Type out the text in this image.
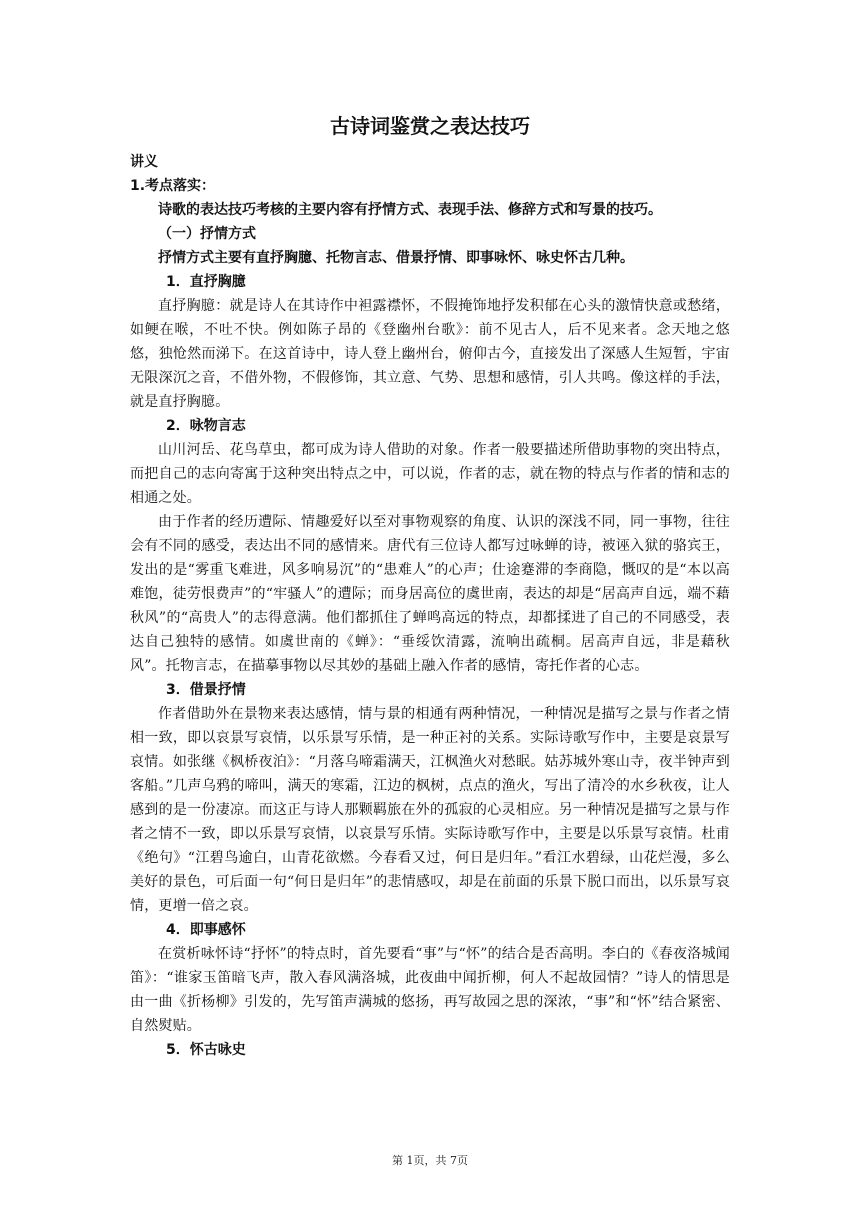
古诗词鉴赏之表达技巧

讲义

1.考点落实：

诗歌的表达技巧考核的主要内容有抒情方式、表现手法、修辞方式和写景的技巧。

（一）抒情方式

抒情方式主要有直抒胸臆、托物言志、借景抒情、即事咏怀、咏史怀古几种。

1．直抒胸臆

直抒胸臆：就是诗人在其诗作中袒露襟怀，不假掩饰地抒发积郁在心头的激情快意或愁绪，如鲠在喉，不吐不快。例如陈子昂的《登幽州台歌》：前不见古人，后不见来者。念天地之悠悠，独怆然而涕下。在这首诗中，诗人登上幽州台，俯仰古今，直接发出了深感人生短暂，宇宙无限深沉之音，不借外物，不假修饰，其立意、气势、思想和感情，引人共鸣。像这样的手法，就是直抒胸臆。

2．咏物言志

山川河岳、花鸟草虫，都可成为诗人借助的对象。作者一般要描述所借助事物的突出特点，而把自己的志向寄寓于这种突出特点之中，可以说，作者的志，就在物的特点与作者的情和志的相通之处。

由于作者的经历遭际、情趣爱好以至对事物观察的角度、认识的深浅不同，同一事物，往往会有不同的感受，表达出不同的感情来。唐代有三位诗人都写过咏蝉的诗，被诬入狱的骆宾王，发出的是“雾重飞难进，风多响易沉”的“患难人”的心声；仕途蹇滞的李商隐，慨叹的是“本以高难饱，徒劳恨费声”的“牢骚人”的遭际；而身居高位的虞世南，表达的却是“居高声自远，端不藉秋风”的“高贵人”的志得意满。他们都抓住了蝉鸣高远的特点，却都揉进了自己的不同感受，表达自己独特的感情。如虞世南的《蝉》：“垂绥饮清露，流响出疏桐。居高声自远，非是藉秋风”。托物言志，在描摹事物以尽其妙的基础上融入作者的感情，寄托作者的心志。

3．借景抒情

作者借助外在景物来表达感情，情与景的相通有两种情况，一种情况是描写之景与作者之情相一致，即以哀景写哀情，以乐景写乐情，是一种正衬的关系。实际诗歌写作中，主要是哀景写哀情。如张继《枫桥夜泊》：“月落乌啼霜满天，江枫渔火对愁眠。姑苏城外寒山寺，夜半钟声到客船。”几声乌鸦的啼叫，满天的寒霜，江边的枫树，点点的渔火，写出了清冷的水乡秋夜，让人感到的是一份凄凉。而这正与诗人那颗羁旅在外的孤寂的心灵相应。另一种情况是描写之景与作者之情不一致，即以乐景写哀情，以哀景写乐情。实际诗歌写作中，主要是以乐景写哀情。杜甫《绝句》“江碧鸟逾白，山青花欲燃。今春看又过，何日是归年。”看江水碧绿，山花烂漫，多么美好的景色，可后面一句“何日是归年”的悲情感叹，却是在前面的乐景下脱口而出，以乐景写哀情，更增一倍之哀。

4．即事感怀

在赏析咏怀诗“抒怀”的特点时，首先要看“事”与“怀”的结合是否高明。李白的《春夜洛城闻笛》：“谁家玉笛暗飞声，散入春风满洛城，此夜曲中闻折柳，何人不起故园情？”诗人的情思是由一曲《折杨柳》引发的，先写笛声满城的悠扬，再写故园之思的深浓，“事”和“怀”结合紧密、自然熨贴。

5．怀古咏史

第 1页，共 7页
